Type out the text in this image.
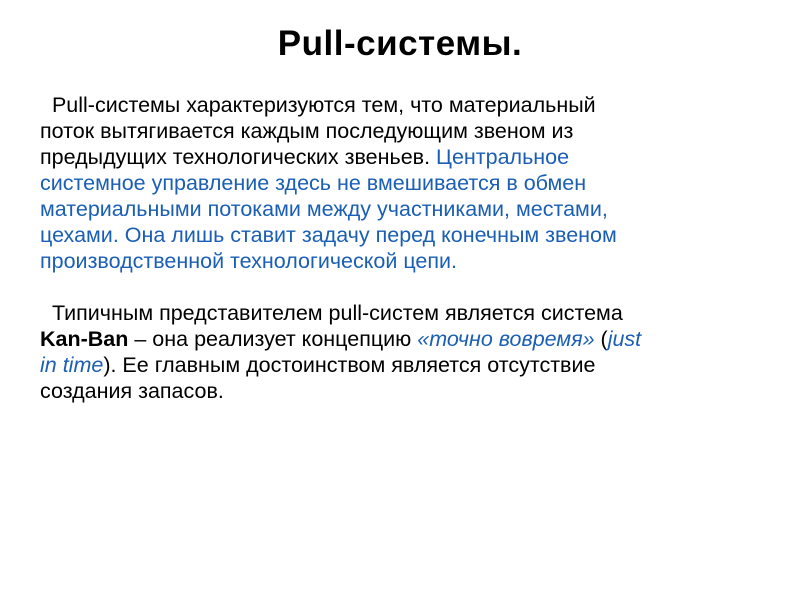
Pull-системы.
Pull-системы характеризуются тем, что материальный
поток вытягивается каждым последующим звеном из
предыдущих технологических звеньев. Центральное
системное управление здесь не вмешивается в обмен
материальными потоками между участниками, местами,
цехами. Она лишь ставит задачу перед конечным звеном
производственной технологической цепи.
Типичным представителем pull-систем является система
Kan-Ban – она реализует концепцию «точно вовремя» (just
in time). Ее главным достоинством является отсутствие
создания запасов.
